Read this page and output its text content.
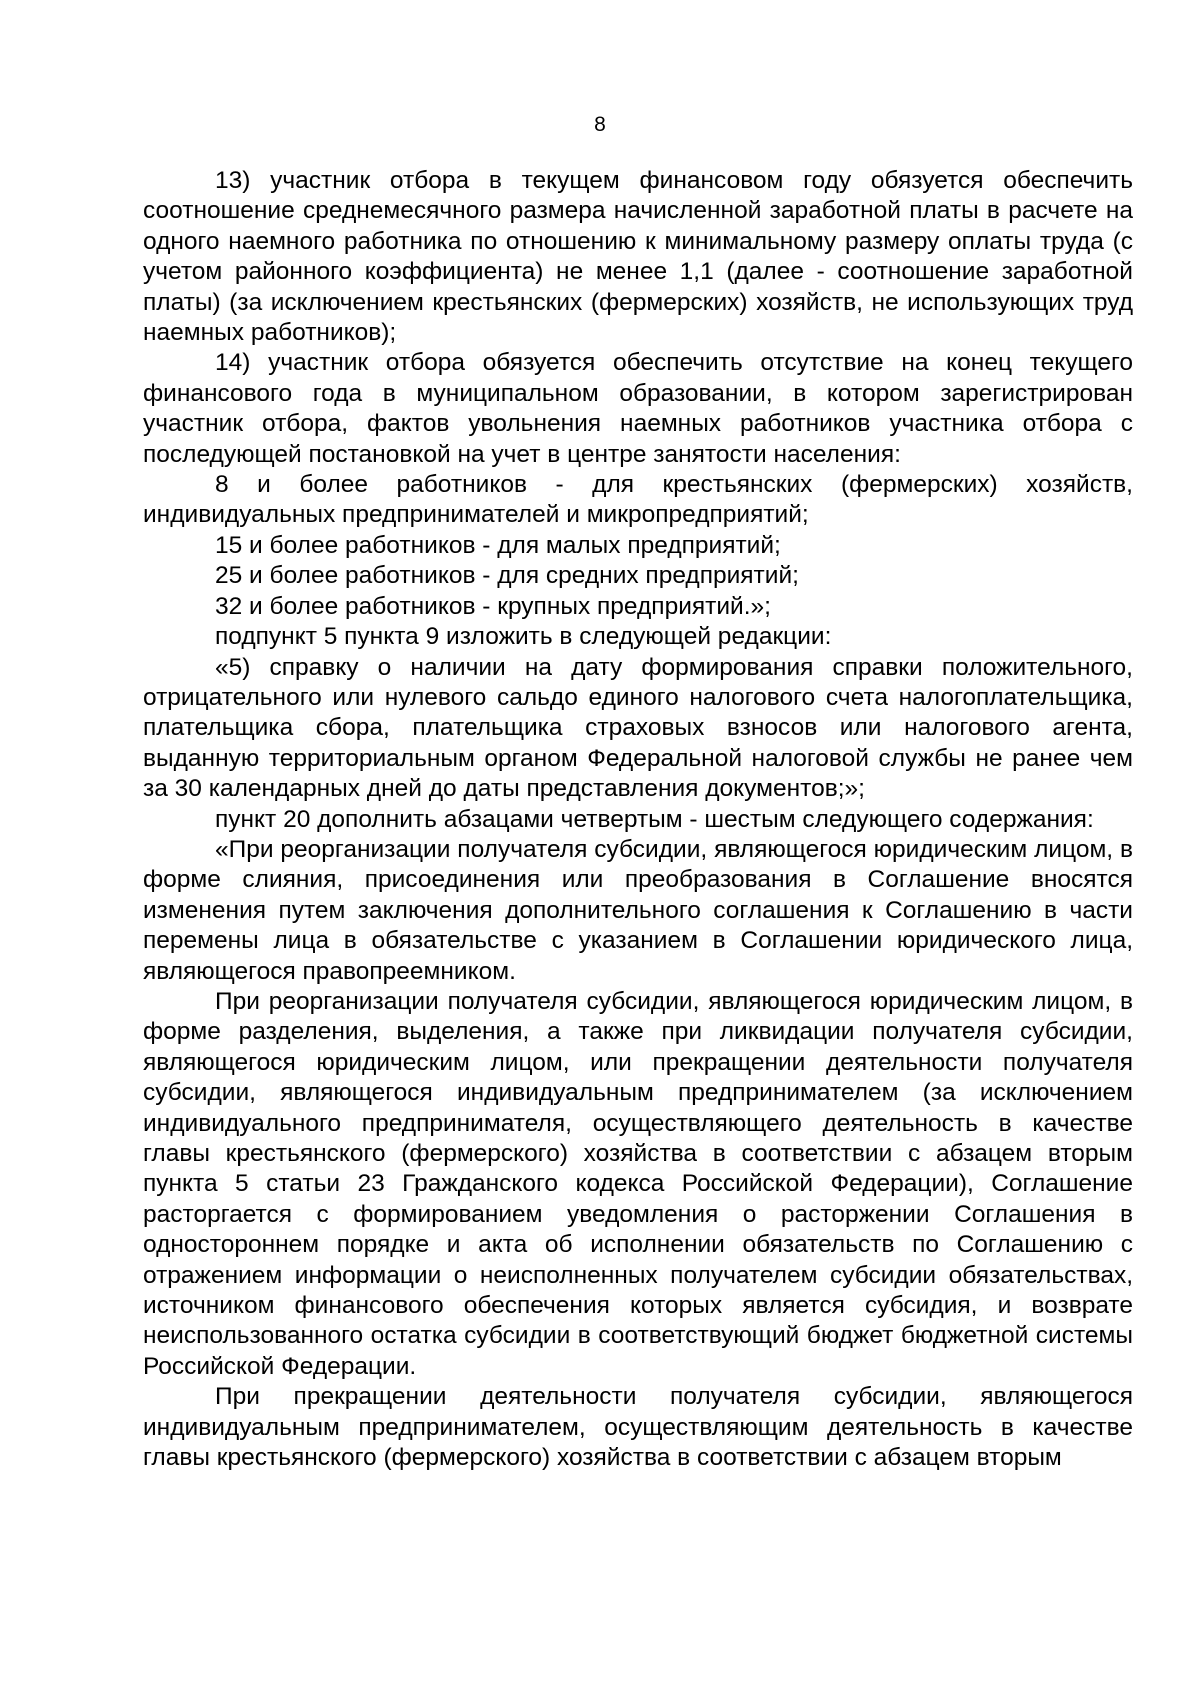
8

13) участник отбора в текущем финансовом году обязуется обеспечить соотношение среднемесячного размера начисленной заработной платы в расчете на одного наемного работника по отношению к минимальному размеру оплаты труда (с учетом районного коэффициента) не менее 1,1 (далее - соотношение заработной платы) (за исключением крестьянских (фермерских) хозяйств, не использующих труд наемных работников);

14) участник отбора обязуется обеспечить отсутствие на конец текущего финансового года в муниципальном образовании, в котором зарегистрирован участник отбора, фактов увольнения наемных работников участника отбора с последующей постановкой на учет в центре занятости населения:

8 и более работников - для крестьянских (фермерских) хозяйств, индивидуальных предпринимателей и микропредприятий;

15 и более работников - для малых предприятий;

25 и более работников - для средних предприятий;

32 и более работников - крупных предприятий.»;

подпункт 5 пункта 9 изложить в следующей редакции:

«5) справку о наличии на дату формирования справки положительного, отрицательного или нулевого сальдо единого налогового счета налогоплательщика, плательщика сбора, плательщика страховых взносов или налогового агента, выданную территориальным органом Федеральной налоговой службы не ранее чем за 30 календарных дней до даты представления документов;»;

пункт 20 дополнить абзацами четвертым - шестым следующего содержания:

«При реорганизации получателя субсидии, являющегося юридическим лицом, в форме слияния, присоединения или преобразования в Соглашение вносятся изменения путем заключения дополнительного соглашения к Соглашению в части перемены лица в обязательстве с указанием в Соглашении юридического лица, являющегося правопреемником.

При реорганизации получателя субсидии, являющегося юридическим лицом, в форме разделения, выделения, а также при ликвидации получателя субсидии, являющегося юридическим лицом, или прекращении деятельности получателя субсидии, являющегося индивидуальным предпринимателем (за исключением индивидуального предпринимателя, осуществляющего деятельность в качестве главы крестьянского (фермерского) хозяйства в соответствии с абзацем вторым пункта 5 статьи 23 Гражданского кодекса Российской Федерации), Соглашение расторгается с формированием уведомления о расторжении Соглашения в одностороннем порядке и акта об исполнении обязательств по Соглашению с отражением информации о неисполненных получателем субсидии обязательствах, источником финансового обеспечения которых является субсидия, и возврате неиспользованного остатка субсидии в соответствующий бюджет бюджетной системы Российской Федерации.

При прекращении деятельности получателя субсидии, являющегося индивидуальным предпринимателем, осуществляющим деятельность в качестве главы крестьянского (фермерского) хозяйства в соответствии с абзацем вторым
